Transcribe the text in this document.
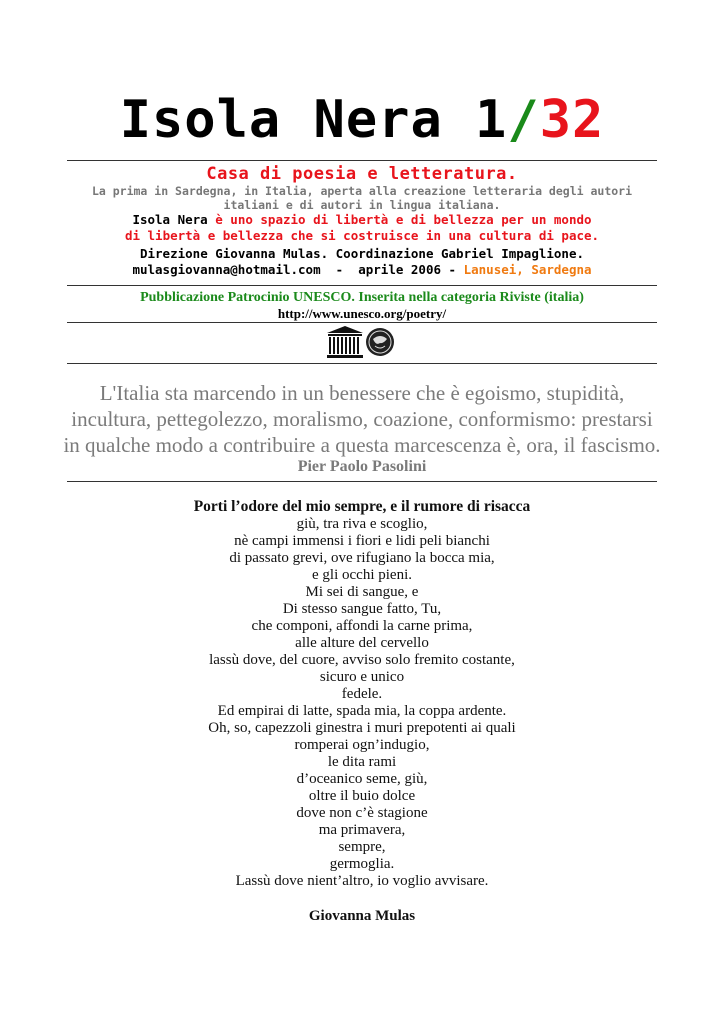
Isola Nera 1/32
Casa di poesia e letteratura.
La prima in Sardegna, in Italia, aperta alla creazione letteraria degli autori
italiani e di autori in lingua italiana.
Isola Nera è uno spazio di libertà e di bellezza per un mondo
di libertà e bellezza che si costruisce in una cultura di pace.
Direzione Giovanna Mulas. Coordinazione Gabriel Impaglione.
mulasgiovanna@hotmail.com  -  aprile 2006 - Lanusei, Sardegna
Pubblicazione Patrocinio UNESCO. Inserita nella categoria Riviste (italia)
http://www.unesco.org/poetry/
L'Italia sta marcendo in un benessere che è egoismo, stupidità, incultura, pettegolezzo, moralismo, coazione, conformismo: prestarsi in qualche modo a contribuire a questa marcescenza è, ora, il fascismo.
Pier Paolo Pasolini
Porti l’odore del mio sempre, e il rumore di risacca
giù, tra riva e scoglio,
nè campi immensi i fiori e lidi peli bianchi
di passato grevi, ove rifugiano la bocca mia,
e gli occhi pieni.
Mi sei di sangue, e
Di stesso sangue fatto, Tu,
che componi, affondi la carne prima,
alle alture del cervello
lassù dove, del cuore, avviso solo fremito costante,
sicuro e unico
fedele.
Ed empirai di latte, spada mia, la coppa ardente.
Oh, so, capezzoli ginestra i muri prepotenti ai quali
romperai ogn’indugio,
le dita rami
d’oceanico seme, giù,
oltre il buio dolce
dove non c’è stagione
ma primavera,
sempre,
germoglia.
Lassù dove nient’altro, io voglio avvisare.
Giovanna Mulas
